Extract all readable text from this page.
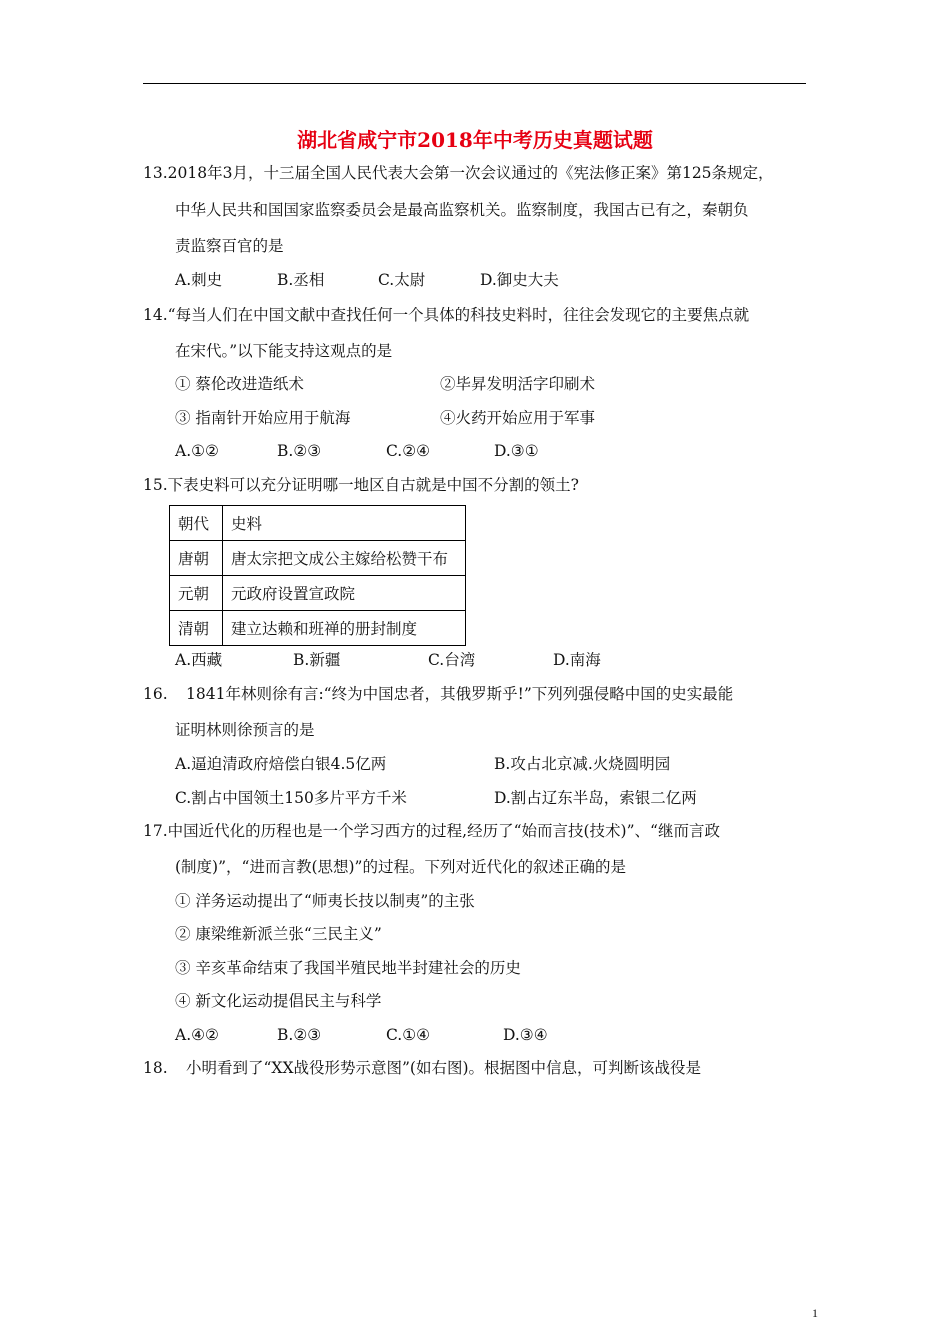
湖北省咸宁市2018年中考历史真题试题
13.2018年3月，十三届全国人民代表大会第一次会议通过的《宪法修正案》第125条规定，
中华人民共和国国家监察委员会是最高监察机关。监察制度，我国古已有之，秦朝负
责监察百官的是
A.刺史	B.丞相	C.太尉	D.御史大夫
14.“每当人们在中国文献中查找任何一个具体的科技史料时，往往会发现它的主要焦点就
在宋代。”以下能支持这观点的是
① 蔡伦改进造纸术	②毕昇发明活字印刷术
③ 指南针开始应用于航海	④火药开始应用于军事
A.①②	B.②③	C.②④	D.③①
15.下表史料可以充分证明哪一地区自古就是中国不分割的领土?
朝代	史料
唐朝	唐太宗把文成公主嫁给松赞干布
元朝	元政府设置宣政院
清朝	建立达赖和班禅的册封制度
A.西藏	B.新疆	C.台湾	D.南海
16. 1841年林则徐有言:“终为中国忠者，其俄罗斯乎!”下列列强侵略中国的史实最能
证明林则徐预言的是
A.逼迫清政府焙偿白银4.5亿两	B.攻占北京减.火烧圆明园
C.割占中国领土150多片平方千米	D.割占辽东半岛，索银二亿两
17.中国近代化的历程也是一个学习西方的过程,经历了“始而言技(技术)”、“继而言政
(制度)”，“进而言教(思想)”的过程。下列对近代化的叙述正确的是
① 洋务运动提出了“师夷长技以制夷”的主张
② 康梁维新派兰张“三民主义”
③ 辛亥革命结束了我国半殖民地半封建社会的历史
④ 新文化运动提倡民主与科学
A.④②	B.②③	C.①④	D.③④
18. 小明看到了“XX战役形势示意图”(如右图)。根据图中信息，可判断该战役是
1
